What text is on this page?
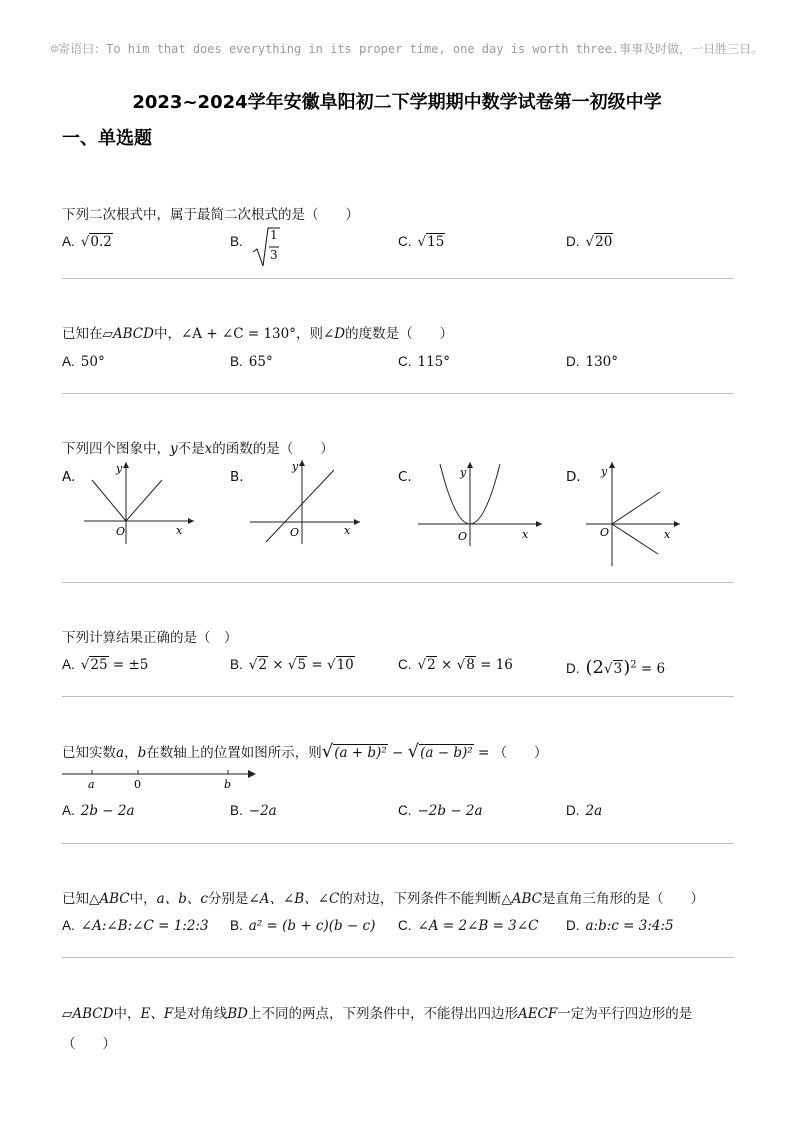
☺寄语曰：To him that does everything in its proper time, one day is worth three.事事及时做，一日胜三日。
2023~2024学年安徽阜阳初二下学期期中数学试卷第一初级中学
一、单选题
下列二次根式中，属于最简二次根式的是（　　）
A. √0.2	B. 1
3
C. √15	D. √20
已知在▱ABCD中，∠A + ∠C = 130°，则∠D的度数是（　　）
A. 50°	B. 65°	C. 115°	D. 130°
下列四个图象中，y不是x的函数的是（　　）
A.	B.	C.	D.
y
x
O
y
x
O
y
x
O
y
x
O
下列计算结果正确的是（　）
A. √25 = ±5	B. √2 × √5 = √10	C. √2 × √8 = 16	D. $(2√3)^2 = 6$
已知实数a，b在数轴上的位置如图所示，则√(a + b)² − √(a − b)² = （　　）
a	0	b
A. 2b − 2a	B. −2a	C. −2b − 2a	D. 2a
已知△ABC中，a、b、c分别是∠A、∠B、∠C的对边，下列条件不能判断△ABC是直角三角形的是（　　）
A. ∠A:∠B:∠C = 1:2:3 B. a² = (b + c)(b − c) C. ∠A = 2∠B = 3∠C D. a:b:c = 3:4:5
▱ABCD中，E、F是对角线BD上不同的两点，下列条件中，不能得出四边形AECF一定为平行四边形的是
（　　）
